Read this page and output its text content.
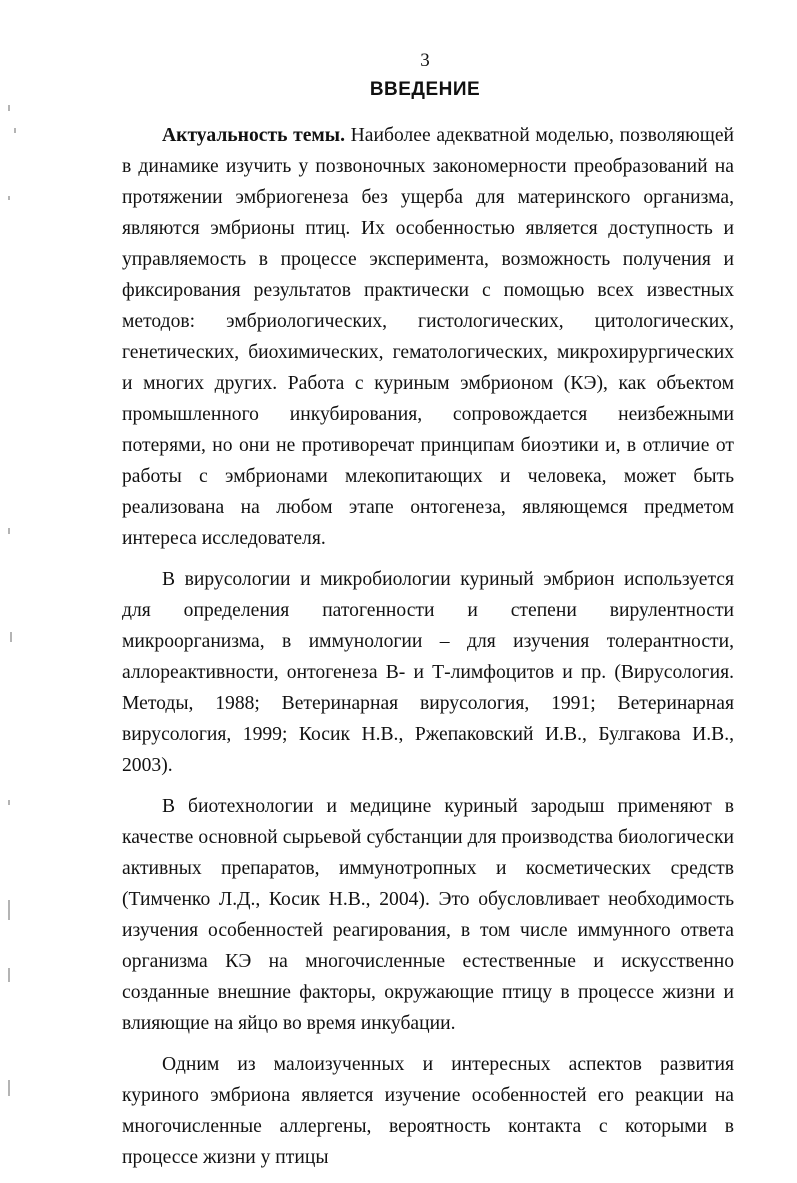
3
ВВЕДЕНИЕ

Актуальность темы. Наиболее адекватной моделью, позволяющей в динамике изучить у позвоночных закономерности преобразований на протяжении эмбриогенеза без ущерба для материнского организма, являются эмбрионы птиц. Их особенностью является доступность и управляемость в процессе эксперимента, возможность получения и фиксирования результатов практически с помощью всех известных методов: эмбриологических, гистологических, цитологических, генетических, биохимических, гематологических, микрохирургических и многих других. Работа с куриным эмбрионом (КЭ), как объектом промышленного инкубирования, сопровождается неизбежными потерями, но они не противоречат принципам биоэтики и, в отличие от работы с эмбрионами млекопитающих и человека, может быть реализована на любом этапе онтогенеза, являющемся предметом интереса исследователя.

В вирусологии и микробиологии куриный эмбрион используется для определения патогенности и степени вирулентности микроорганизма, в иммунологии – для изучения толерантности, аллореактивности, онтогенеза В- и Т-лимфоцитов и пр. (Вирусология. Методы, 1988; Ветеринарная вирусология, 1991; Ветеринарная вирусология, 1999; Косик Н.В., Ржепаковский И.В., Булгакова И.В., 2003).

В биотехнологии и медицине куриный зародыш применяют в качестве основной сырьевой субстанции для производства биологически активных препаратов, иммунотропных и косметических средств (Тимченко Л.Д., Косик Н.В., 2004). Это обусловливает необходимость изучения особенностей реагирования, в том числе иммунного ответа организма КЭ на многочисленные естественные и искусственно созданные внешние факторы, окружающие птицу в процессе жизни и влияющие на яйцо во время инкубации.

Одним из малоизученных и интересных аспектов развития куриного эмбриона является изучение особенностей его реакции на многочисленные аллергены, вероятность контакта с которыми в процессе жизни у птицы
